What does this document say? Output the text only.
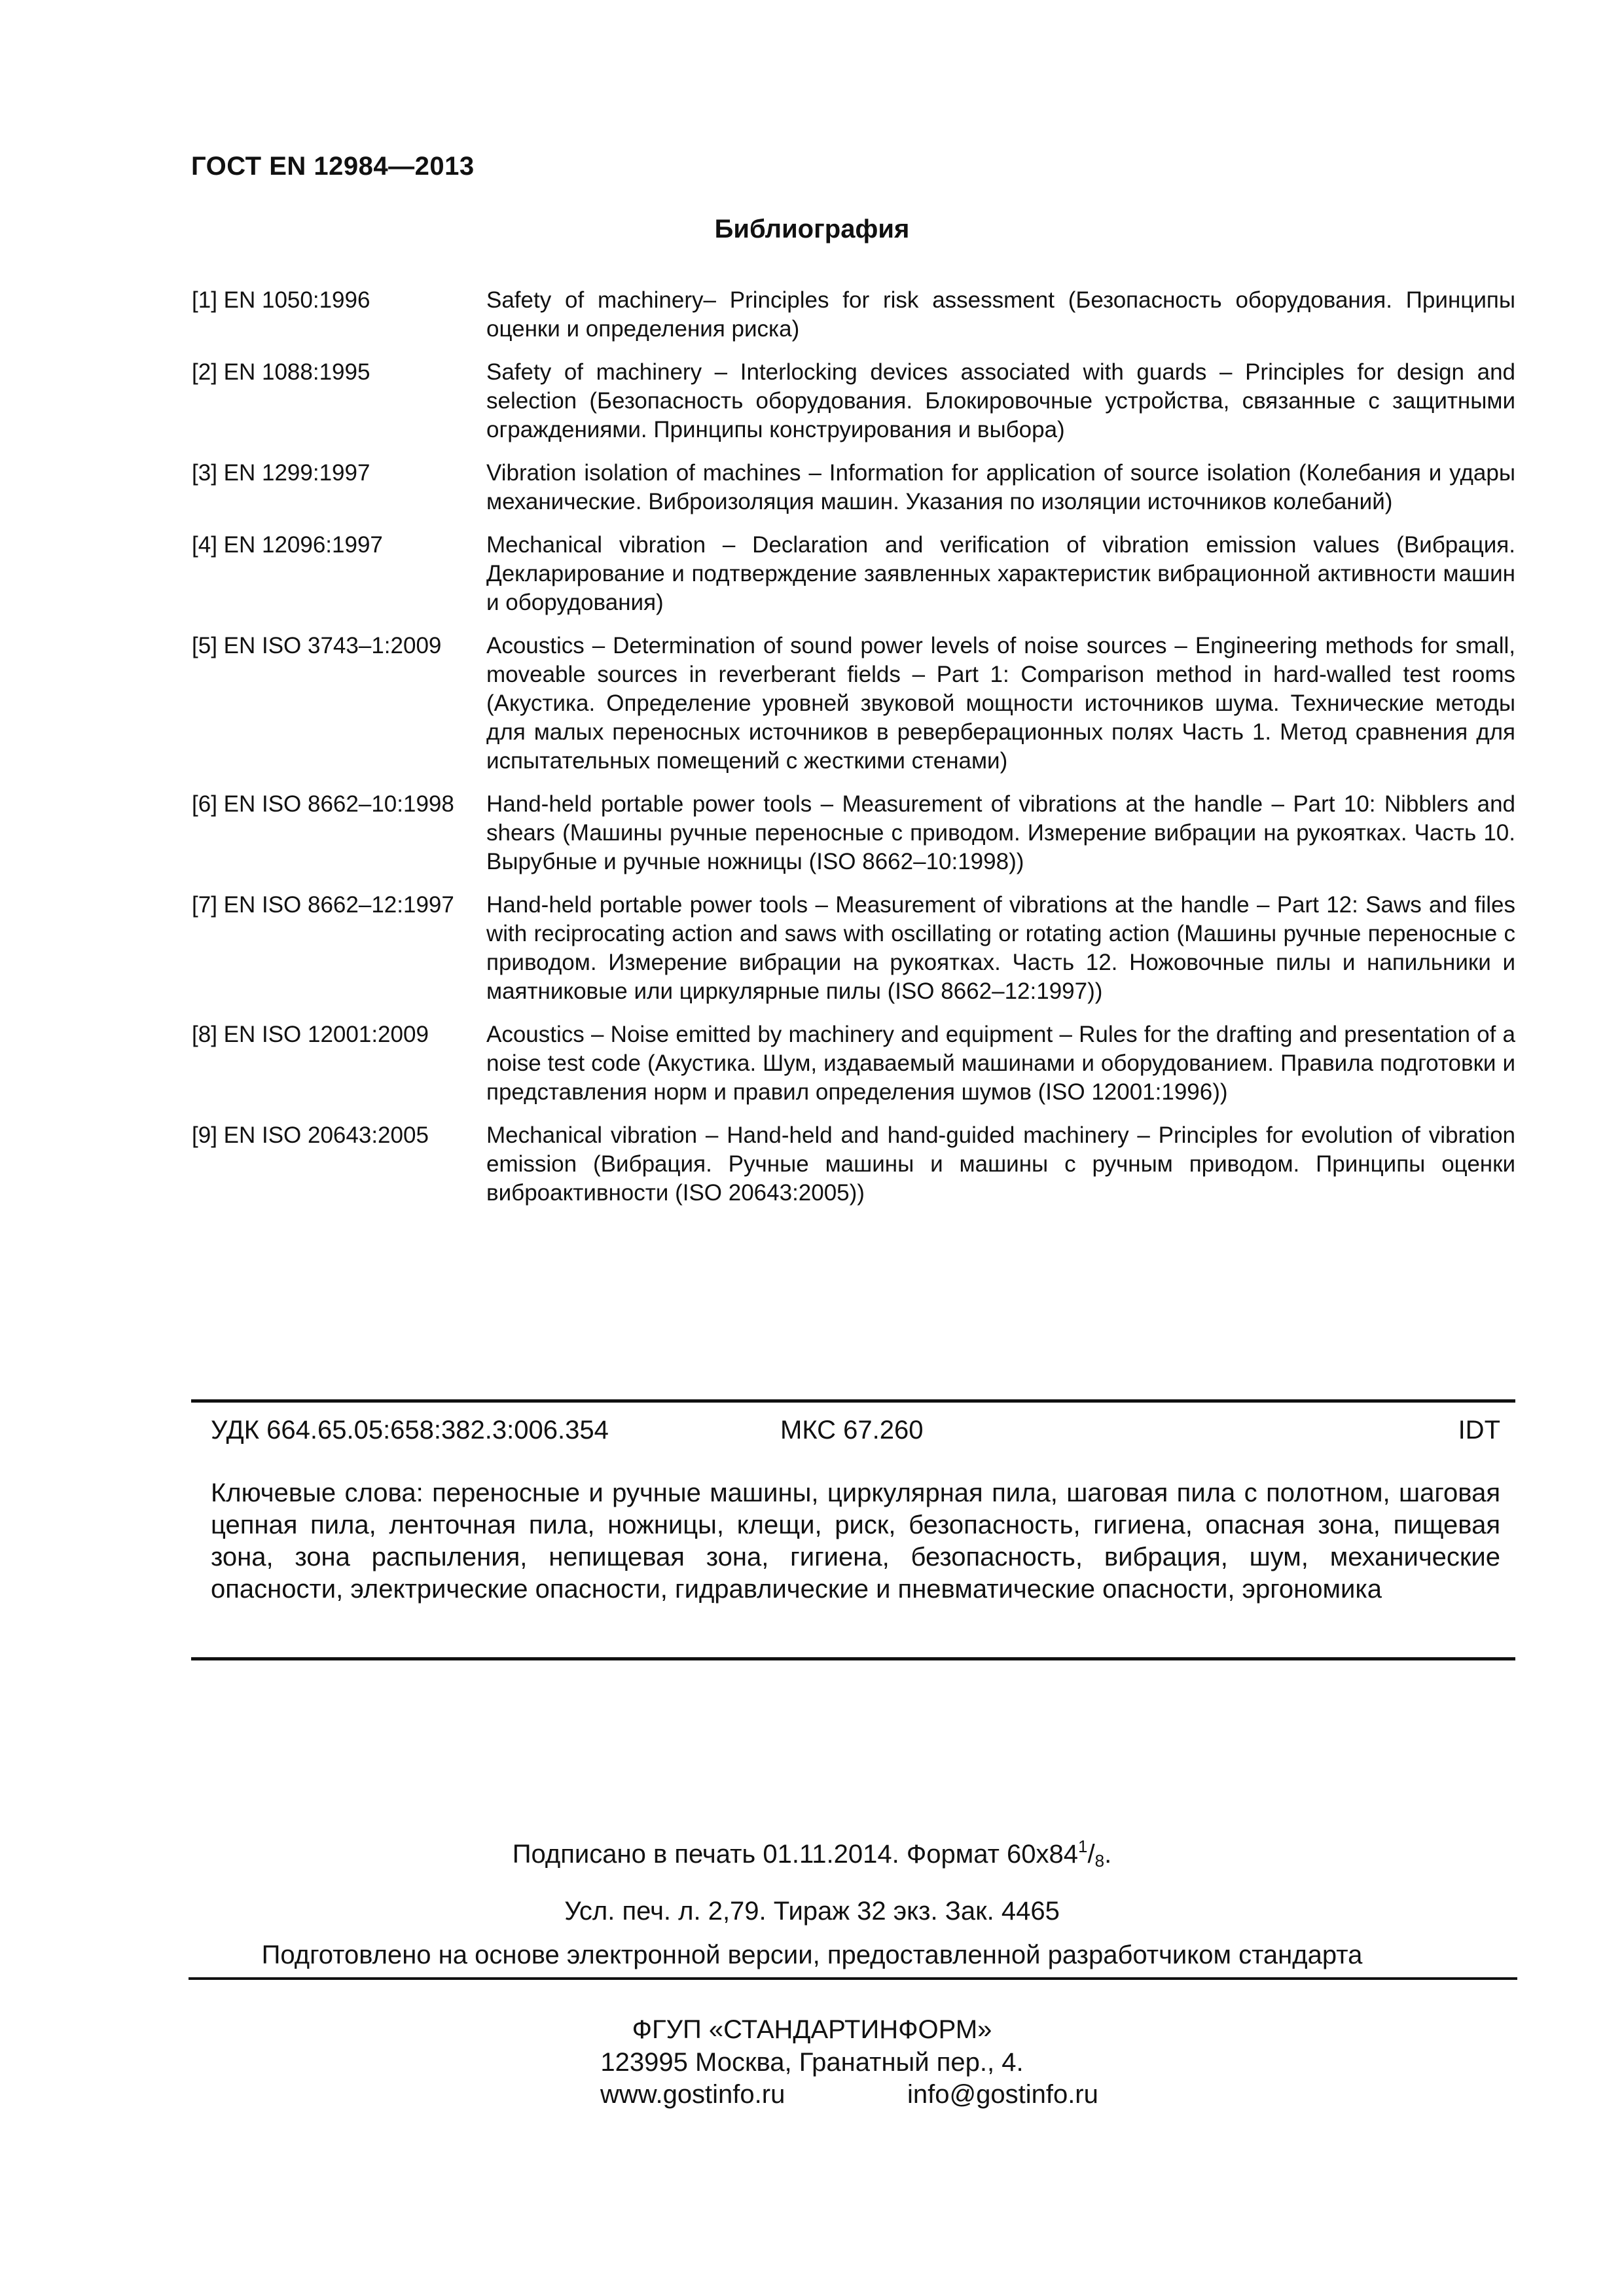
ГОСТ EN 12984—2013
Библиография
[1] EN 1050:1996	Safety of machinery– Principles for risk assessment (Безопасность оборудования. Принципы оценки и определения риска)
[2] EN 1088:1995	Safety of machinery – Interlocking devices associated with guards – Principles for design and selection (Безопасность оборудования. Блокировочные устройства, связанные с защитными ограждениями. Принципы конструирования и выбора)
[3] EN 1299:1997	Vibration isolation of machines – Information for application of source isolation (Колебания и удары механические. Виброизоляция машин. Указания по изоляции источников колебаний)
[4] EN 12096:1997	Mechanical vibration – Declaration and verification of vibration emission values (Вибрация. Декларирование и подтверждение заявленных характеристик вибрационной активности машин и оборудования)
[5] EN ISO 3743–1:2009	Acoustics – Determination of sound power levels of noise sources – Engineering methods for small, moveable sources in reverberant fields – Part 1: Comparison method in hard-walled test rooms (Акустика. Определение уровней звуковой мощности источников шума. Технические методы для малых переносных источников в реверберационных полях Часть 1. Метод сравнения для испытательных помещений с жесткими стенами)
[6] EN ISO 8662–10:1998	Hand-held portable power tools – Measurement of vibrations at the handle – Part 10: Nibblers and shears (Машины ручные переносные с приводом. Измерение вибрации на рукоятках. Часть 10. Вырубные и ручные ножницы (ISO 8662–10:1998))
[7] EN ISO 8662–12:1997	Hand-held portable power tools – Measurement of vibrations at the handle – Part 12: Saws and files with reciprocating action and saws with oscillating or rotating action (Машины ручные переносные с приводом. Измерение вибрации на рукоятках. Часть 12. Ножовочные пилы и напильники и маятниковые или циркулярные пилы (ISO 8662–12:1997))
[8] EN ISO 12001:2009	Acoustics – Noise emitted by machinery and equipment – Rules for the drafting and presentation of a noise test code (Акустика. Шум, издаваемый машинами и оборудованием. Правила подготовки и представления норм и правил определения шумов (ISO 12001:1996))
[9] EN ISO 20643:2005	Mechanical vibration – Hand-held and hand-guided machinery – Principles for evolution of vibration emission (Вибрация. Ручные машины и машины с ручным приводом. Принципы оценки виброактивности (ISO 20643:2005))
УДК 664.65.05:658:382.3:006.354	МКС 67.260	IDT
Ключевые слова: переносные и ручные машины, циркулярная пила, шаговая пила с полотном, шаговая цепная пила, ленточная пила, ножницы, клещи, риск, безопасность, гигиена, опасная зона, пищевая зона, зона распыления, непищевая зона, гигиена, безопасность, вибрация, шум, механические опасности, электрические опасности, гидравлические и пневматические опасности, эргономика
Подписано в печать 01.11.2014. Формат $60х84^1/_8$.
Усл. печ. л. 2,79. Тираж 32 экз. Зак. 4465
Подготовлено на основе электронной версии, предоставленной разработчиком стандарта
ФГУП «СТАНДАРТИНФОРМ»
123995 Москва, Гранатный пер., 4.
www.gostinfo.ru	info@gostinfo.ru
